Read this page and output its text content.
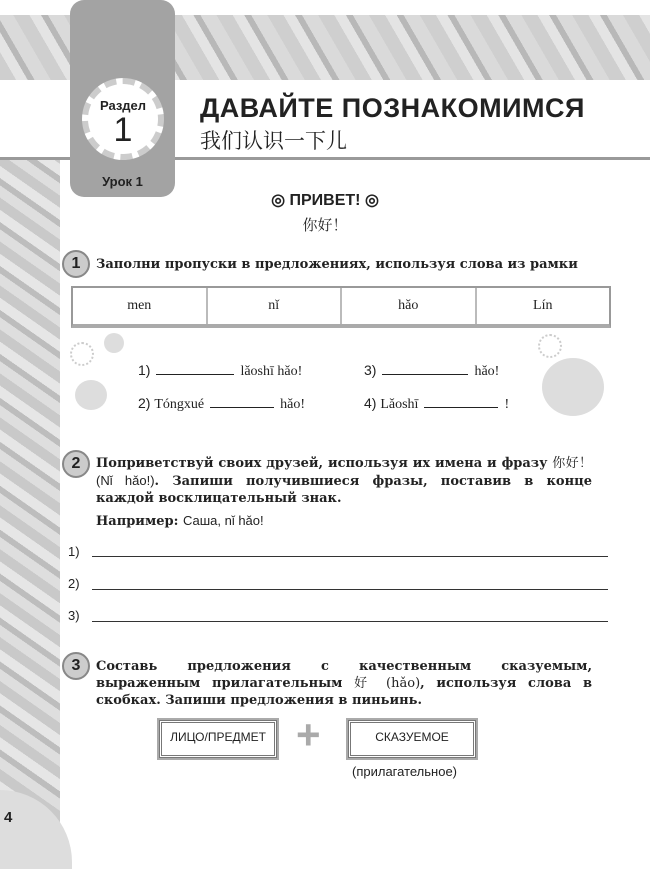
Раздел
1
Урок 1
ДАВАЙТЕ ПОЗНАКОМИМСЯ
我们认识一下儿
◎ ПРИВЕТ! ◎
你好！
1	Заполни пропуски в предложениях, используя слова из рамки
men	nǐ	hǎo	Lín
1)	lǎoshī hǎo!
2) Tóngxué	hǎo!
3)	hǎo!
4) Lǎoshī	!
2	Поприветствуй своих друзей, используя их имена и фразу 你好！ (Nǐ hǎo!). Запиши получившиеся фразы, поставив в конце каждой восклицательный знак.
Например: Саша, nǐ hǎo!
1)
2)
3)
3	Составь предложения с качественным сказуемым, выраженным прилагательным 好 (hǎo), используя слова в скобках. Запиши предложения в пиньинь.
ЛИЦО/ПРЕДМЕТ +	СКАЗУЕМОЕ
(прилагательное)
4
